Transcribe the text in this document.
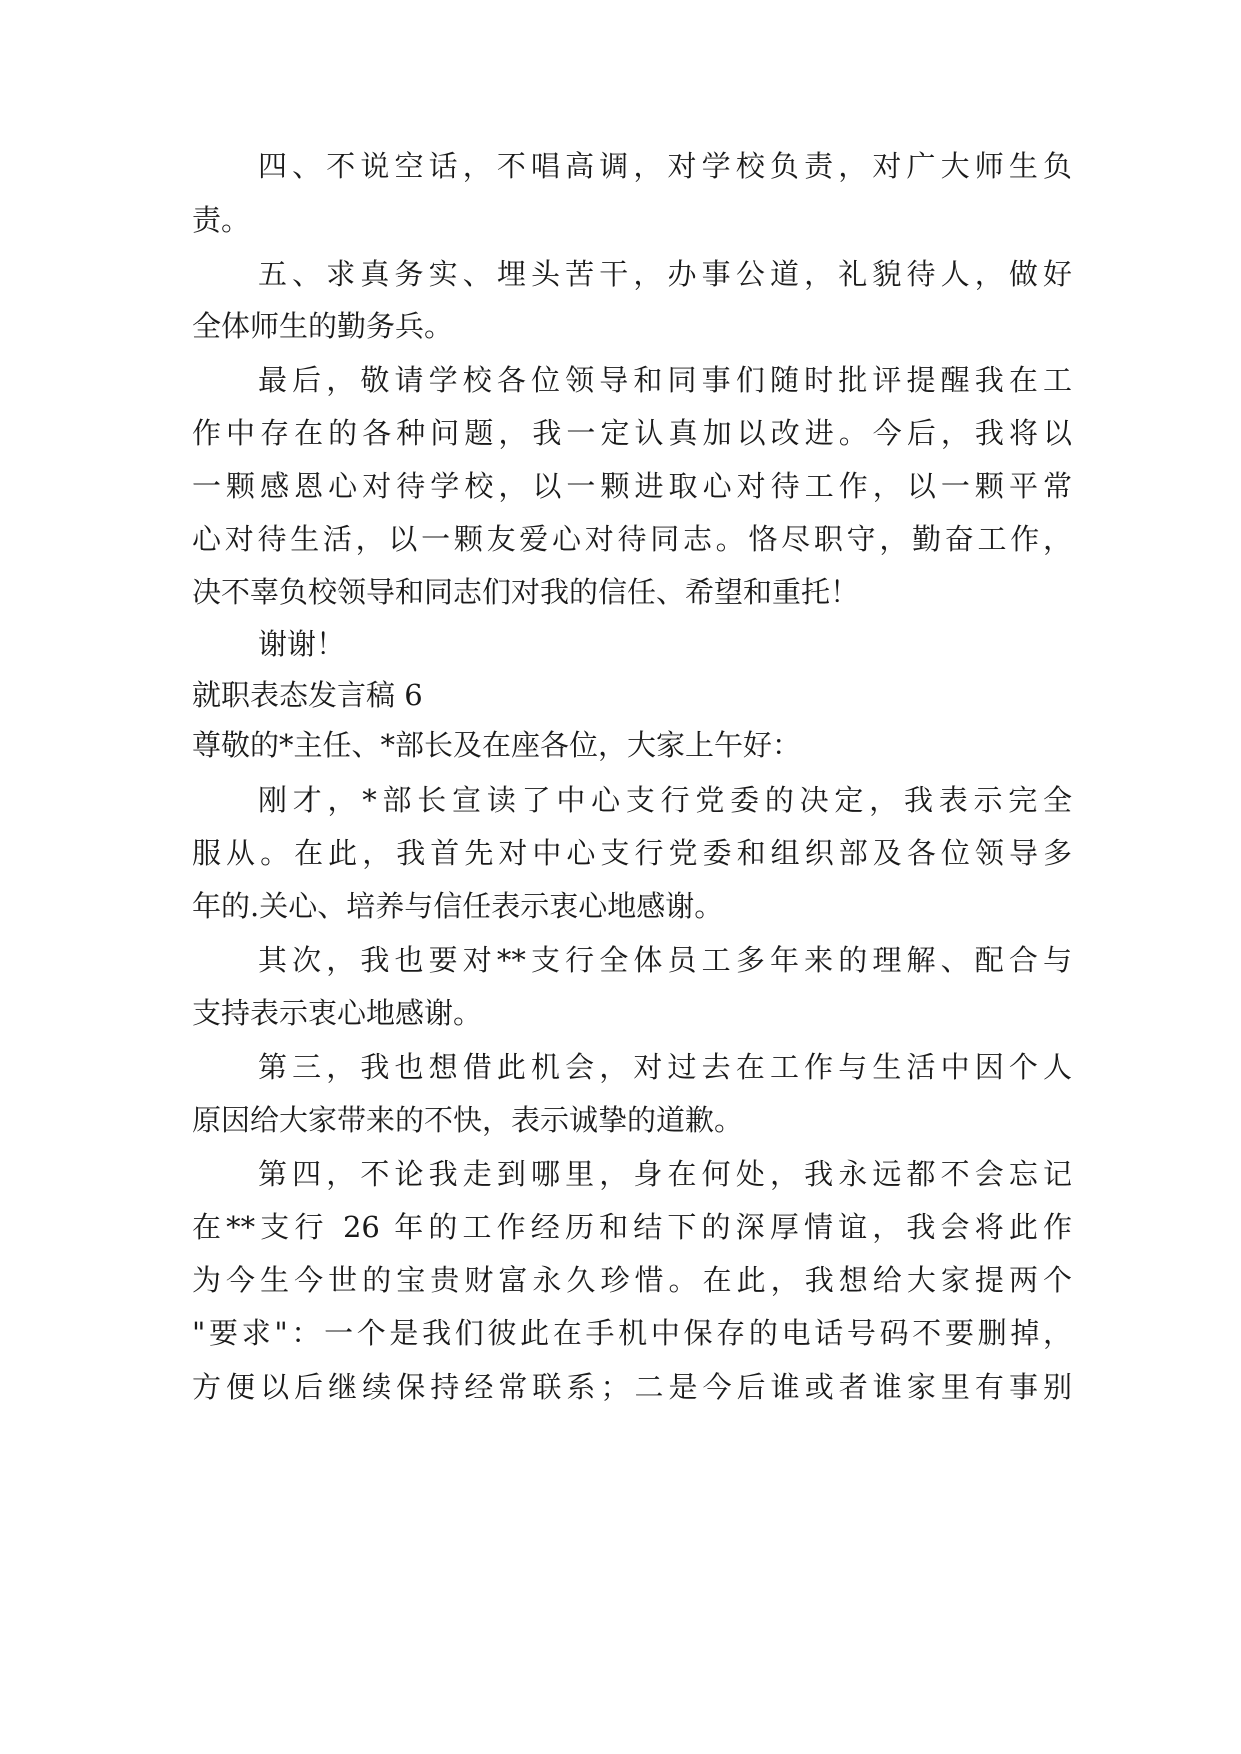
四、不说空话，不唱高调，对学校负责，对广大师生负
责。
五、求真务实、埋头苦干，办事公道，礼貌待人，做好
全体师生的勤务兵。
最后，敬请学校各位领导和同事们随时批评提醒我在工
作中存在的各种问题，我一定认真加以改进。今后，我将以
一颗感恩心对待学校，以一颗进取心对待工作，以一颗平常
心对待生活，以一颗友爱心对待同志。恪尽职守，勤奋工作，
决不辜负校领导和同志们对我的信任、希望和重托！
谢谢！
就职表态发言稿 6
尊敬的*主任、*部长及在座各位，大家上午好：
刚才，*部长宣读了中心支行党委的决定，我表示完全
服从。在此，我首先对中心支行党委和组织部及各位领导多
年的.关心、培养与信任表示衷心地感谢。
其次，我也要对**支行全体员工多年来的理解、配合与
支持表示衷心地感谢。
第三，我也想借此机会，对过去在工作与生活中因个人
原因给大家带来的不快，表示诚挚的道歉。
第四，不论我走到哪里，身在何处，我永远都不会忘记
在**支行 26 年的工作经历和结下的深厚情谊，我会将此作
为今生今世的宝贵财富永久珍惜。在此，我想给大家提两个
"要求"：一个是我们彼此在手机中保存的电话号码不要删掉，
方便以后继续保持经常联系；二是今后谁或者谁家里有事别
